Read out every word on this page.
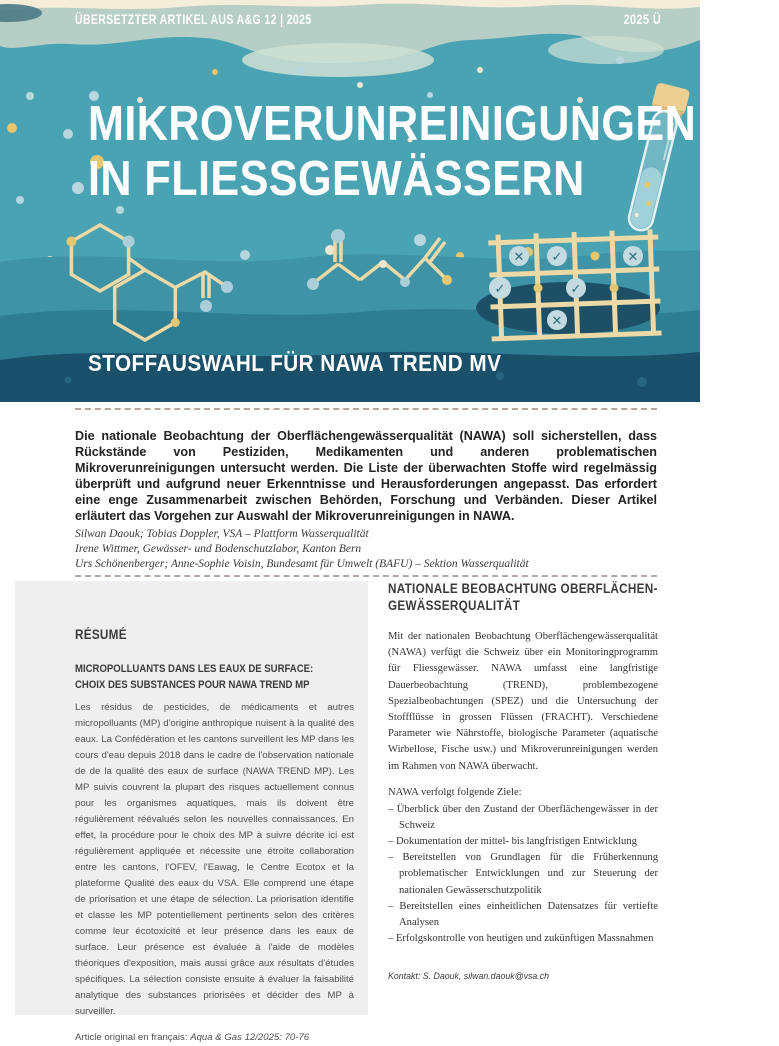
✕ ✓	✕
✓	✓
✕
ÜBERSETZTER ARTIKEL AUS A&G 12 | 2025	2025 Ü
MIKROVERUNREINIGUNGEN
IN FLIESSGEWÄSSERN
STOFFAUSWAHL FÜR NAWA TREND MV

Die nationale Beobachtung der Oberflächengewässerqualität (NAWA) soll sicherstellen, dass Rückstände von Pestiziden, Medikamenten und anderen problematischen Mikroverunreinigungen untersucht werden. Die Liste der überwachten Stoffe wird regelmässig überprüft und aufgrund neuer Erkenntnisse und Herausforderungen angepasst. Das erfordert eine enge Zusammenarbeit zwischen Behörden, Forschung und Verbänden. Dieser Artikel erläutert das Vorgehen zur Auswahl der Mikroverunreinigungen in NAWA.

Silwan Daouk; Tobias Doppler, VSA – Plattform Wasserqualität
Irene Wittmer, Gewässer- und Bodenschutzlabor, Kanton Bern
Urs Schönenberger; Anne-Sophie Voisin, Bundesamt für Umwelt (BAFU) – Sektion Wasserqualität
RÉSUMÉ
MICROPOLLUANTS DANS LES EAUX DE SURFACE:
CHOIX DES SUBSTANCES POUR NAWA TREND MP

Les résidus de pesticides, de médicaments et autres micropolluants (MP) d'origine anthropique nuisent à la qualité des eaux. La Confédération et les cantons surveillent les MP dans les cours d'eau depuis 2018 dans le cadre de l'observation nationale de de la qualité des eaux de surface (NAWA TREND MP). Les MP suivis couvrent la plupart des risques actuellement connus pour les organismes aquatiques, mais ils doivent être régulièrement réévalués selon les nouvelles connaissances. En effet, la procédure pour le choix des MP à suivre décrite ici est régulièrement appliquée et nécessite une étroite collaboration entre les cantons, l'OFEV, l'Eawag, le Centre Ecotox et la plateforme Qualité des eaux du VSA. Elle comprend une étape de priorisation et une étape de sélection. La priorisation identifie et classe les MP potentiellement pertinents selon des critères comme leur écotoxicité et leur présence dans les eaux de surface. Leur présence est évaluée à l'aide de modèles théoriques d'exposition, mais aussi grâce aux résultats d'études spécifiques. La sélection consiste ensuite à évaluer la faisabilité analytique des substances priorisées et décider des MP à surveiller.

Article original en français: Aqua & Gas 12/2025: 70-76

NATIONALE BEOBACHTUNG OBERFLÄCHEN-
GEWÄSSERQUALITÄT

Mit der nationalen Beobachtung Oberflächengewässerqualität (NAWA) verfügt die Schweiz über ein Monitoringprogramm für Fliessgewässer. NAWA umfasst eine langfristige Dauerbeobachtung (TREND), problembezogene Spezialbeobachtungen (SPEZ) und die Untersuchung der Stoffflüsse in grossen Flüssen (FRACHT). Verschiedene Parameter wie Nährstoffe, biologische Parameter (aquatische Wirbellose, Fische usw.) und Mikroverunreinigungen werden im Rahmen von NAWA überwacht.

NAWA verfolgt folgende Ziele:
– Überblick über den Zustand der Oberflächengewässer in der Schweiz
– Dokumentation der mittel- bis langfristigen Entwicklung
– Bereitstellen von Grundlagen für die Früherkennung problematischer Entwicklungen und zur Steuerung der nationalen Gewässerschutzpolitik
– Bereitstellen eines einheitlichen Datensatzes für vertiefte Analysen
– Erfolgskontrolle von heutigen und zukünftigen Massnahmen
Kontakt: S. Daouk, silwan.daouk@vsa.ch
